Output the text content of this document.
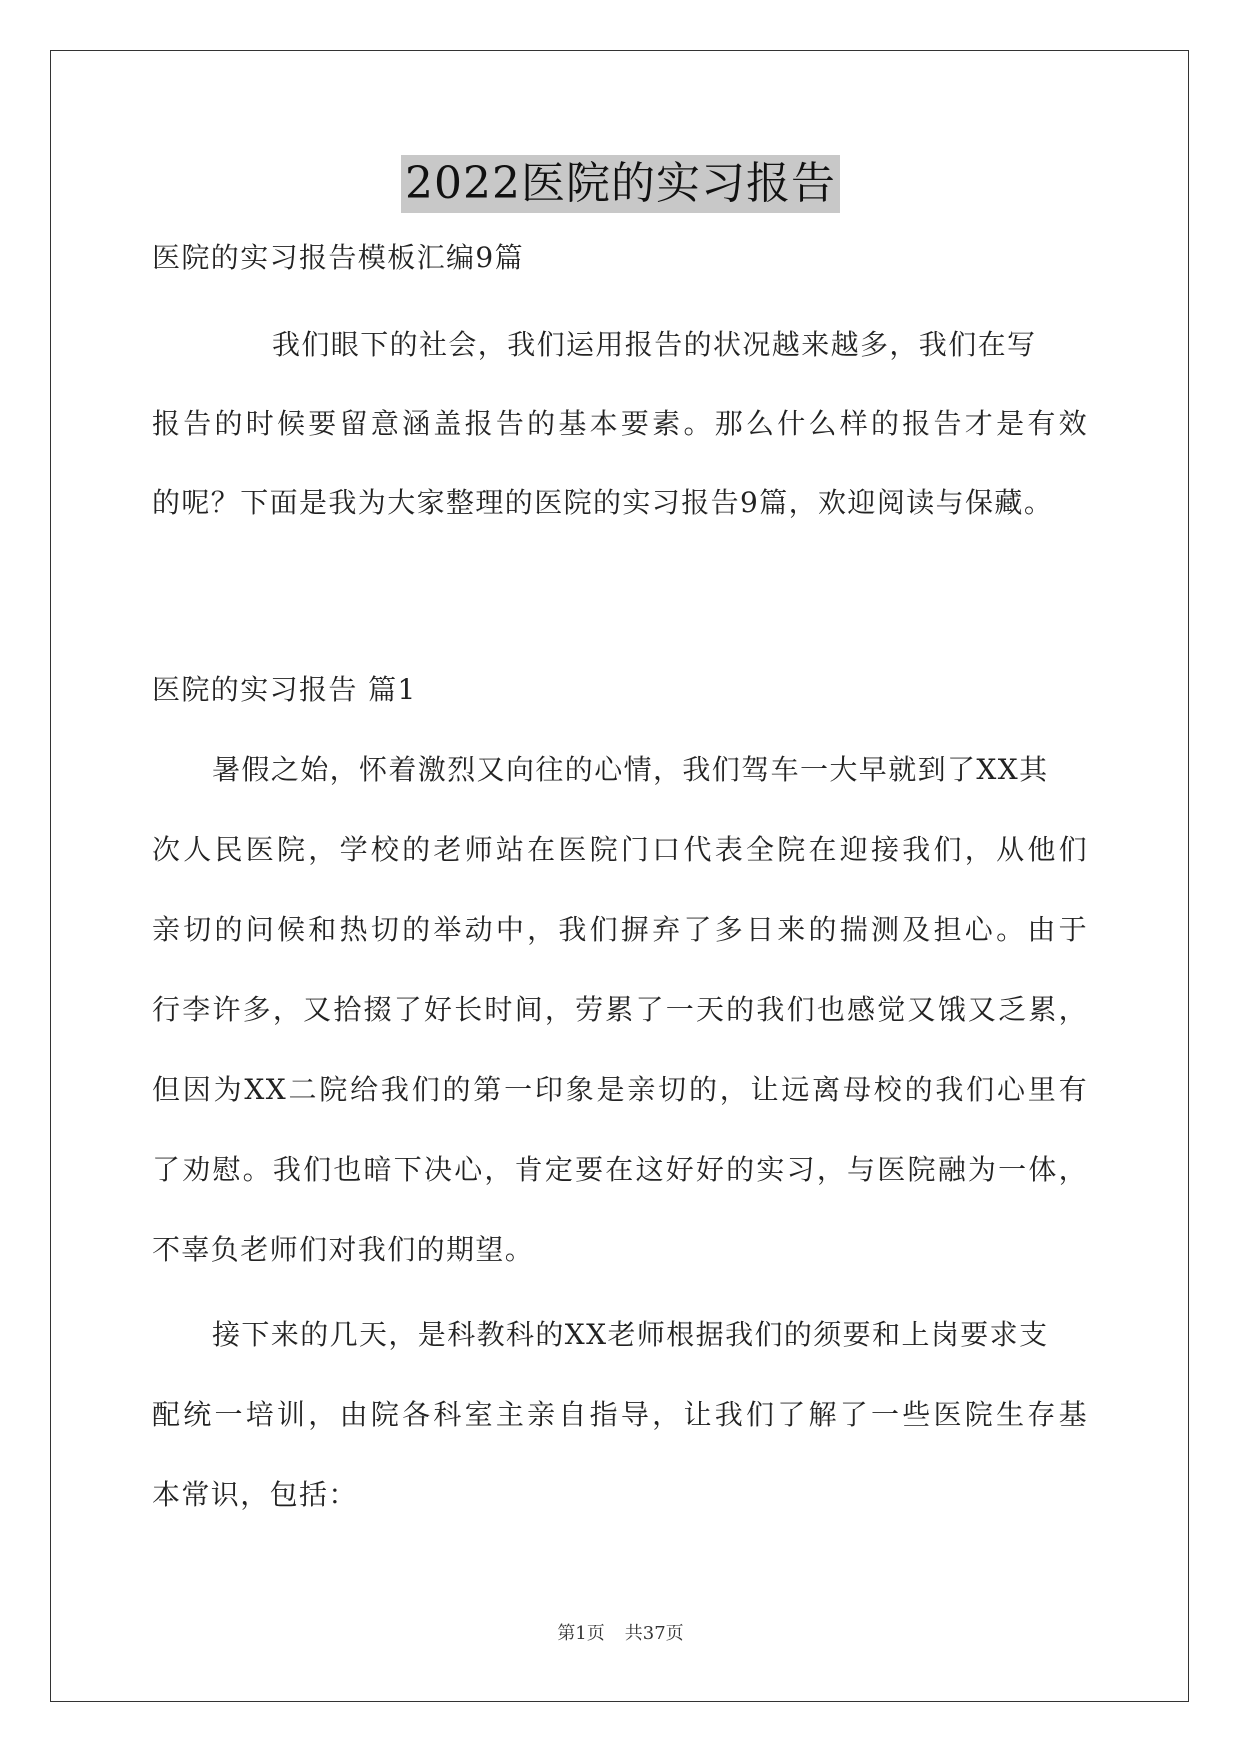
2022医院的实习报告
医院的实习报告模板汇编9篇
我们眼下的社会，我们运用报告的状况越来越多，我们在写
报告的时候要留意涵盖报告的基本要素。那么什么样的报告才是有效
的呢？下面是我为大家整理的医院的实习报告9篇，欢迎阅读与保藏。
医院的实习报告 篇1
暑假之始，怀着激烈又向往的心情，我们驾车一大早就到了XX其
次人民医院，学校的老师站在医院门口代表全院在迎接我们，从他们
亲切的问候和热切的举动中，我们摒弃了多日来的揣测及担心。由于
行李许多，又拾掇了好长时间，劳累了一天的我们也感觉又饿又乏累，
但因为XX二院给我们的第一印象是亲切的，让远离母校的我们心里有
了劝慰。我们也暗下决心，肯定要在这好好的实习，与医院融为一体，
不辜负老师们对我们的期望。
接下来的几天，是科教科的XX老师根据我们的须要和上岗要求支
配统一培训，由院各科室主亲自指导，让我们了解了一些医院生存基
本常识，包括：
第1页 共37页
